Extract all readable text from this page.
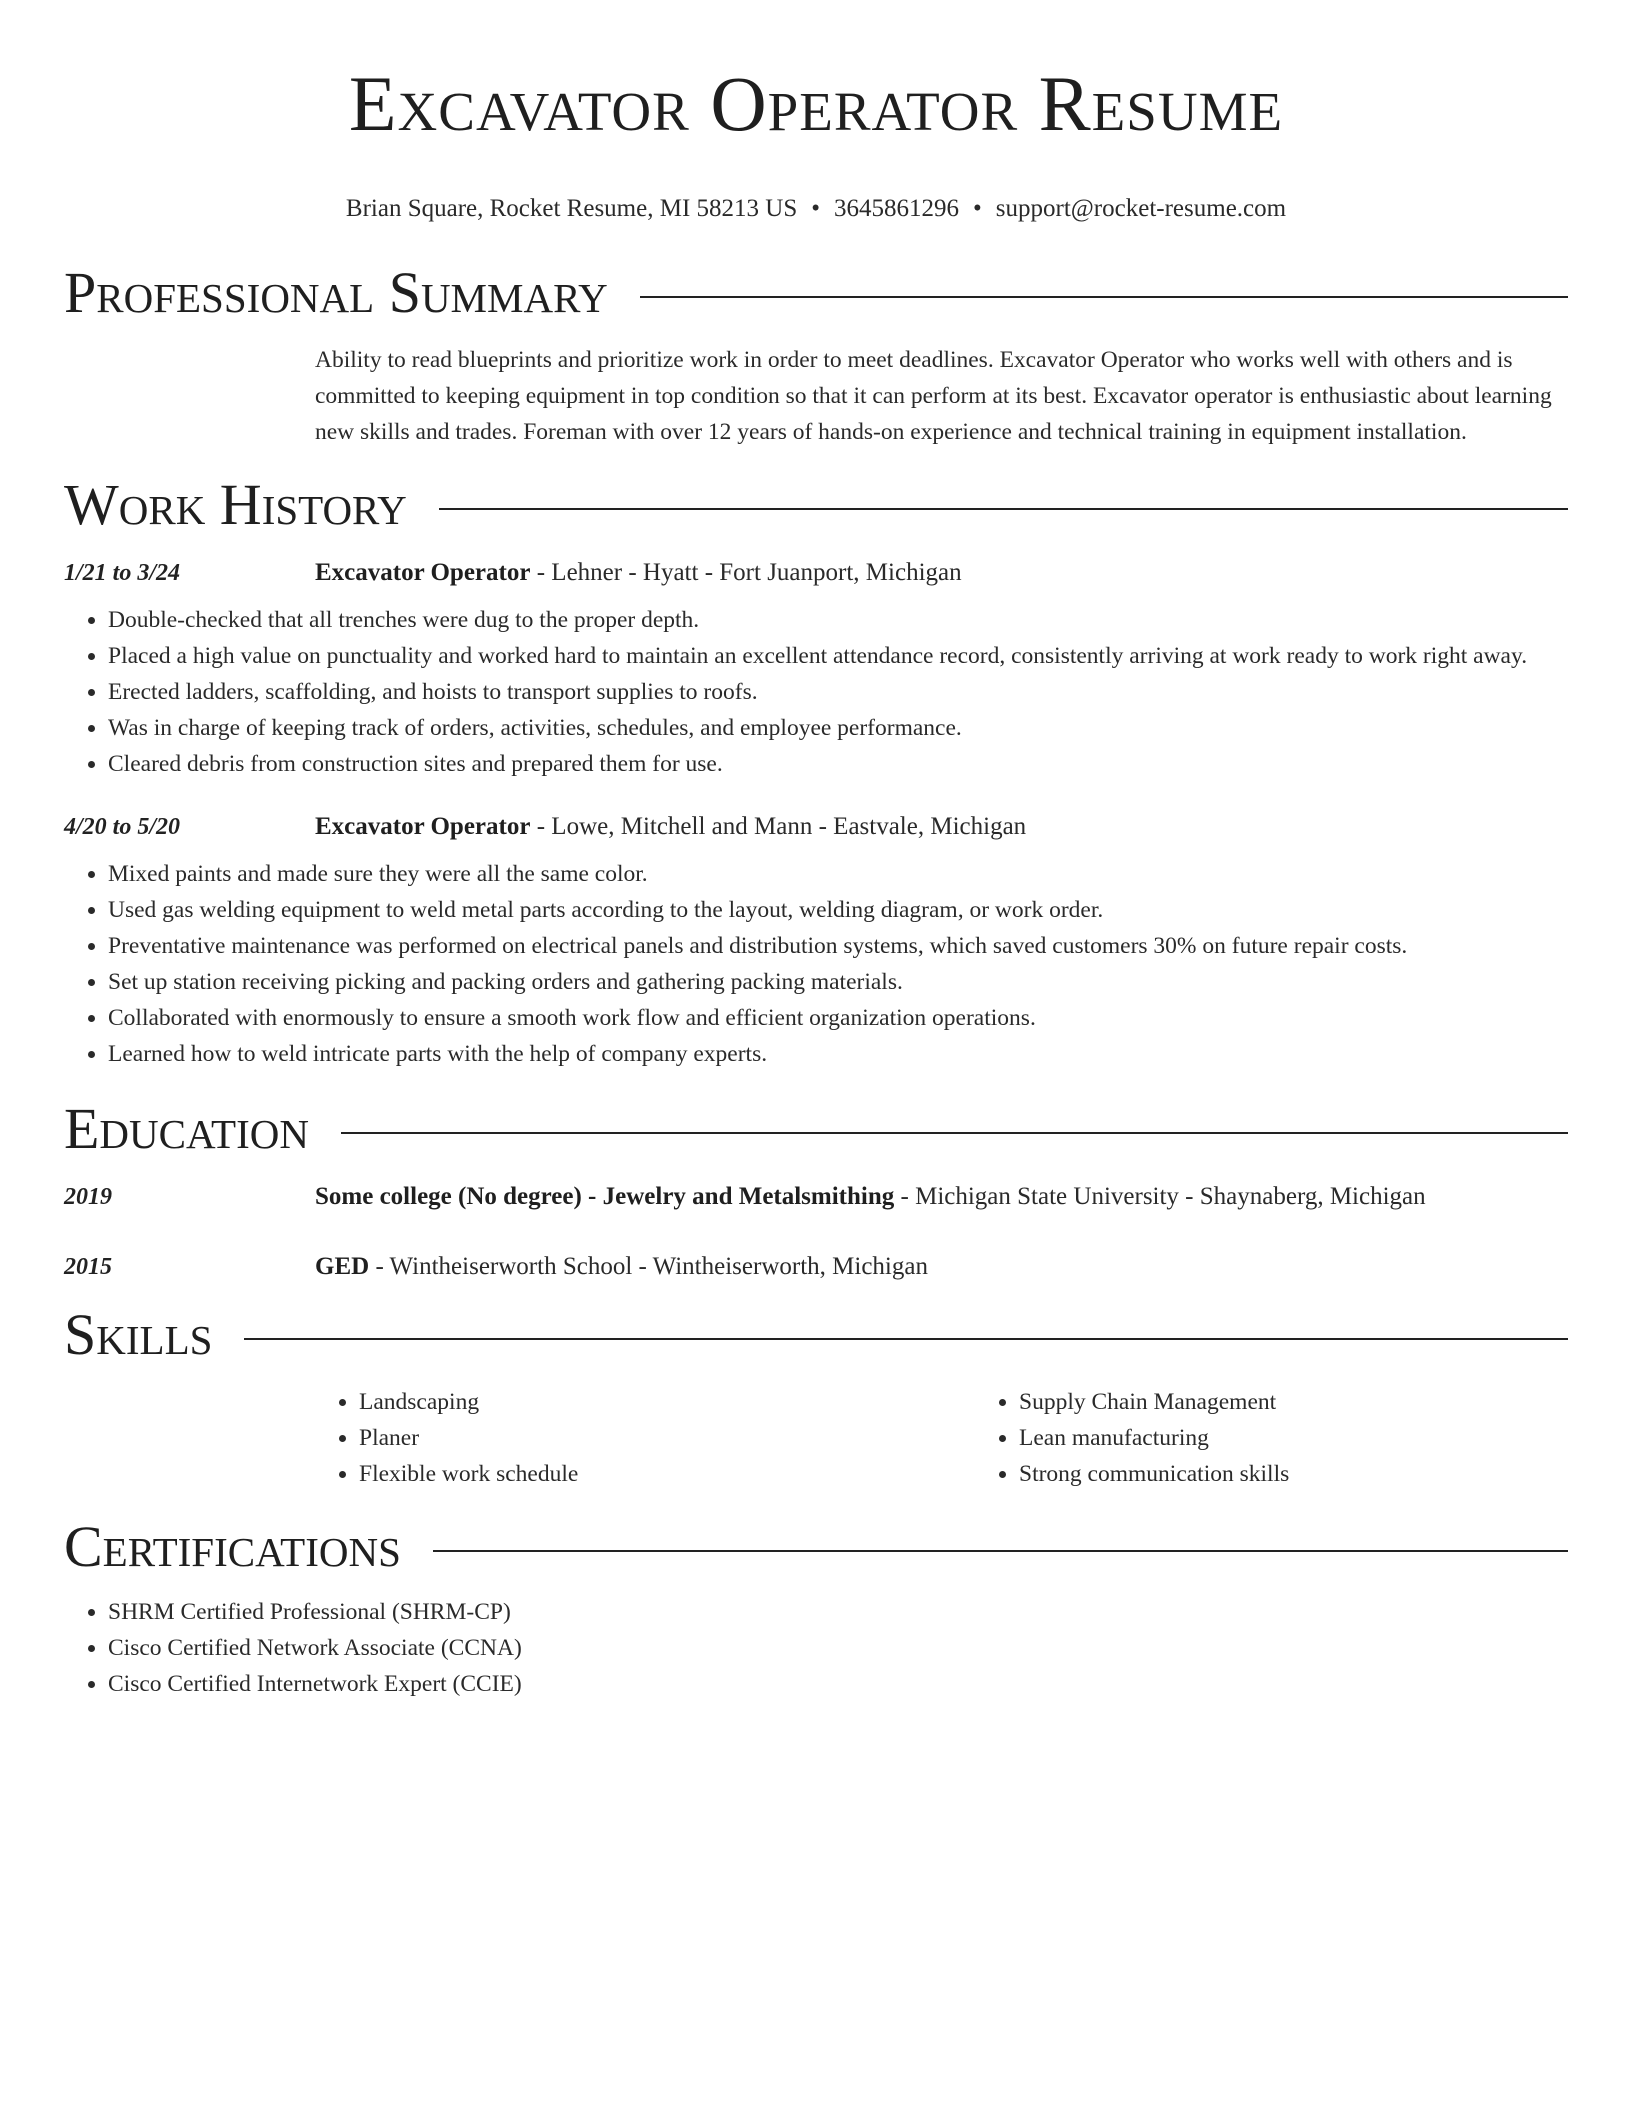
Excavator Operator Resume
Brian Square, Rocket Resume, MI 58213 US • 3645861296 • support@rocket-resume.com
Professional Summary
Ability to read blueprints and prioritize work in order to meet deadlines. Excavator Operator who works well with others and is committed to keeping equipment in top condition so that it can perform at its best. Excavator operator is enthusiastic about learning new skills and trades. Foreman with over 12 years of hands-on experience and technical training in equipment installation.
Work History
1/21 to 3/24	Excavator Operator - Lehner - Hyatt - Fort Juanport, Michigan
• Double-checked that all trenches were dug to the proper depth.
• Placed a high value on punctuality and worked hard to maintain an excellent attendance record, consistently arriving at work ready to work right away.
• Erected ladders, scaffolding, and hoists to transport supplies to roofs.
• Was in charge of keeping track of orders, activities, schedules, and employee performance.
• Cleared debris from construction sites and prepared them for use.
4/20 to 5/20	Excavator Operator - Lowe, Mitchell and Mann - Eastvale, Michigan
• Mixed paints and made sure they were all the same color.
• Used gas welding equipment to weld metal parts according to the layout, welding diagram, or work order.
• Preventative maintenance was performed on electrical panels and distribution systems, which saved customers 30% on future repair costs.
• Set up station receiving picking and packing orders and gathering packing materials.
• Collaborated with enormously to ensure a smooth work flow and efficient organization operations.
• Learned how to weld intricate parts with the help of company experts.
Education
2019	Some college (No degree) - Jewelry and Metalsmithing - Michigan State University - Shaynaberg, Michigan
2015	GED - Wintheiserworth School - Wintheiserworth, Michigan
Skills
• Landscaping
• Planer
• Flexible work schedule
• Supply Chain Management
• Lean manufacturing
• Strong communication skills
Certifications
• SHRM Certified Professional (SHRM-CP)
• Cisco Certified Network Associate (CCNA)
• Cisco Certified Internetwork Expert (CCIE)
